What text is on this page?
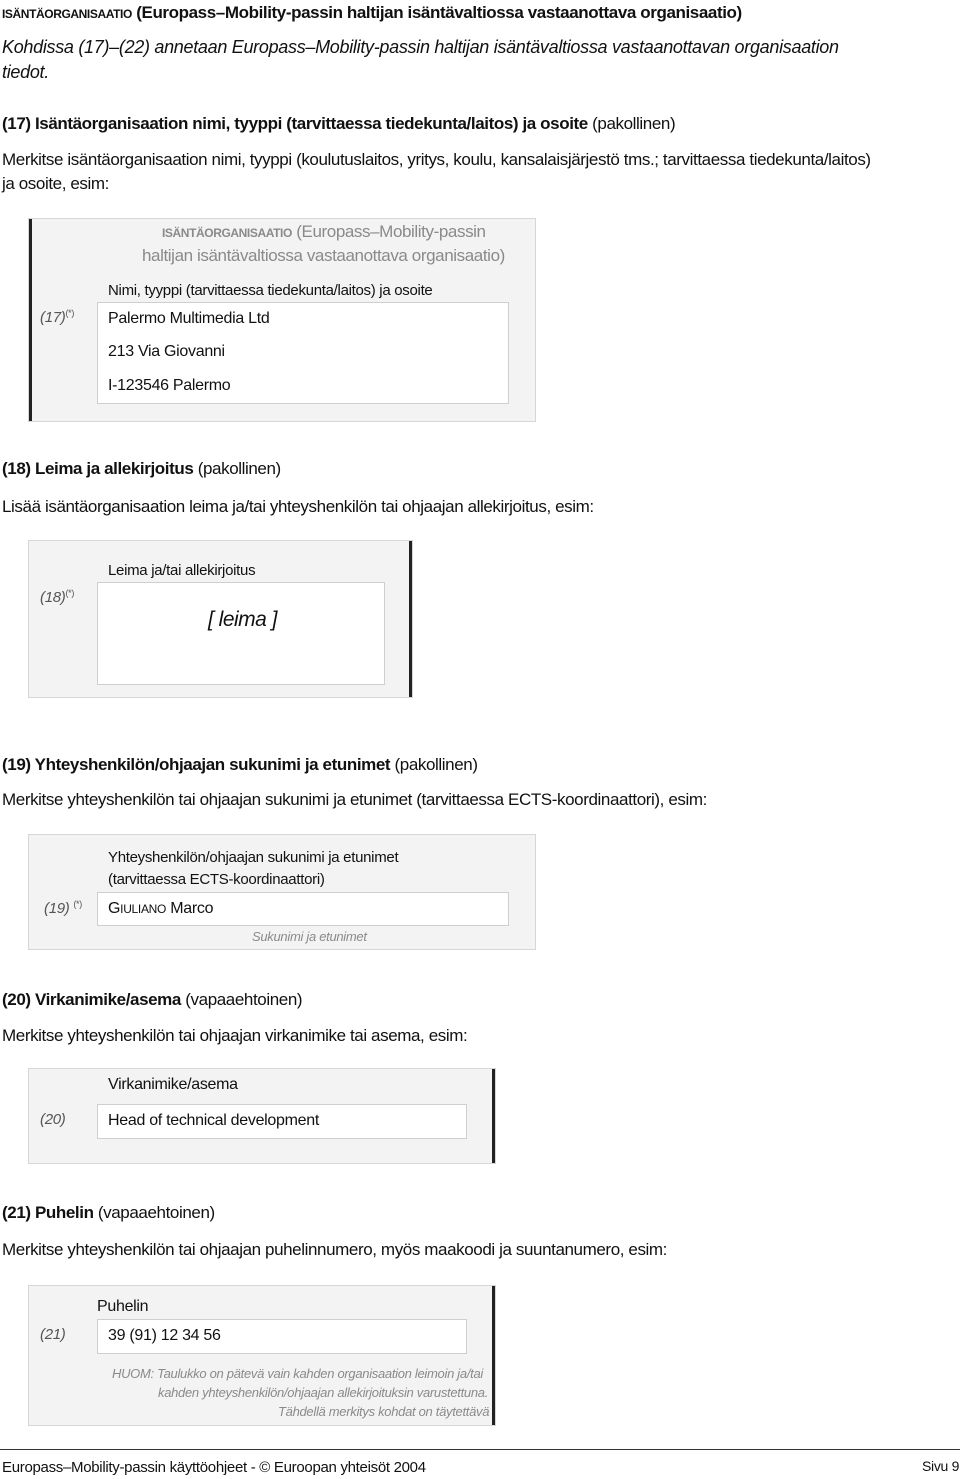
ISÄNTÄORGANISAATIO (Europass–Mobility-passin haltijan isäntävaltiossa vastaanottava organisaatio)
Kohdissa (17)–(22) annetaan Europass–Mobility-passin haltijan isäntävaltiossa vastaanottavan organisaation
tiedot.
(17) Isäntäorganisaation nimi, tyyppi (tarvittaessa tiedekunta/laitos) ja osoite (pakollinen)
Merkitse isäntäorganisaation nimi, tyyppi (koulutuslaitos, yritys, koulu, kansalaisjärjestö tms.; tarvittaessa tiedekunta/laitos)
ja osoite, esim:
ISÄNTÄORGANISAATIO (Europass–Mobility-passin
haltijan isäntävaltiossa vastaanottava organisaatio)
Nimi, tyyppi (tarvittaessa tiedekunta/laitos) ja osoite
(17)(*) Palermo Multimedia Ltd
213 Via Giovanni
I-123546 Palermo
(18) Leima ja allekirjoitus (pakollinen)
Lisää isäntäorganisaation leima ja/tai yhteyshenkilön tai ohjaajan allekirjoitus, esim:
Leima ja/tai allekirjoitus
(18)(*)
[ leima ]
(19) Yhteyshenkilön/ohjaajan sukunimi ja etunimet (pakollinen)
Merkitse yhteyshenkilön tai ohjaajan sukunimi ja etunimet (tarvittaessa ECTS-koordinaattori), esim:
Yhteyshenkilön/ohjaajan sukunimi ja etunimet
(tarvittaessa ECTS-koordinaattori)
(19) (*) GIULIANO Marco
Sukunimi ja etunimet
(20) Virkanimike/asema (vapaaehtoinen)
Merkitse yhteyshenkilön tai ohjaajan virkanimike tai asema, esim:
Virkanimike/asema
(20)	Head of technical development
(21) Puhelin (vapaaehtoinen)
Merkitse yhteyshenkilön tai ohjaajan puhelinnumero, myös maakoodi ja suuntanumero, esim:
Puhelin
(21)	39 (91) 12 34 56
HUOM: Taulukko on pätevä vain kahden organisaation leimoin ja/tai
kahden yhteyshenkilön/ohjaajan allekirjoituksin varustettuna.
Tähdellä merkitys kohdat on täytettävä
Europass–Mobility-passin käyttöohjeet - © Euroopan yhteisöt 2004	Sivu 9
